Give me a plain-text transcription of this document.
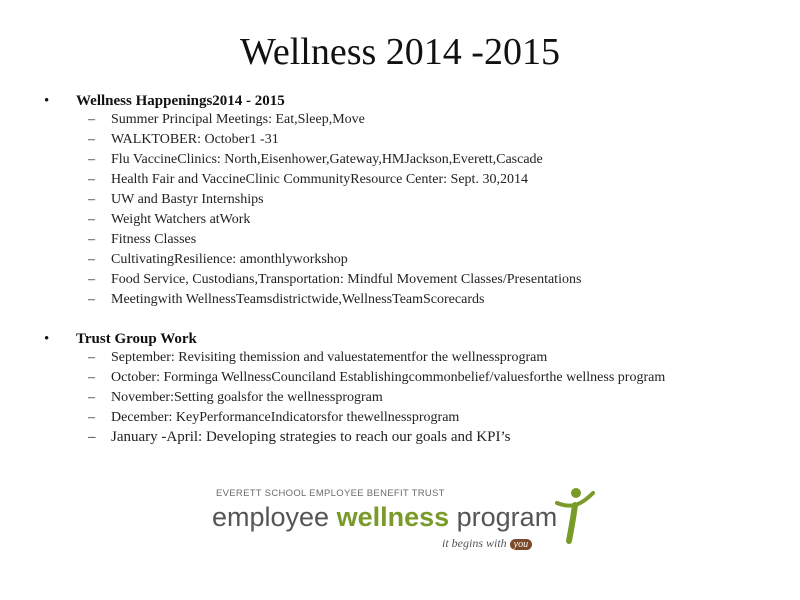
Wellness 2014 -2015
• Wellness Happenings2014 - 2015
– Summer Principal Meetings: Eat,Sleep,Move
– WALKTOBER: October1 -31
– Flu VaccineClinics: North,Eisenhower,Gateway,HMJackson,Everett,Cascade
– Health Fair and VaccineClinic CommunityResource Center: Sept. 30,2014
– UW and Bastyr Internships
– Weight Watchers atWork
– Fitness Classes
– CultivatingResilience: amonthlyworkshop
– Food Service, Custodians,Transportation: Mindful Movement Classes/Presentations
– Meetingwith WellnessTeamsdistrictwide,WellnessTeamScorecards
• Trust Group Work
– September: Revisiting themission and valuestatementfor the wellnessprogram
– October: Forminga WellnessCounciland Establishingcommonbelief/valuesforthe wellness program
– November:Setting goalsfor the wellnessprogram
– December: KeyPerformanceIndicatorsfor thewellnessprogram
– January -April: Developing strategies to reach our goals and KPI’s
EVERETT SCHOOL EMPLOYEE BENEFIT TRUST
employee wellness program
it begins with you
